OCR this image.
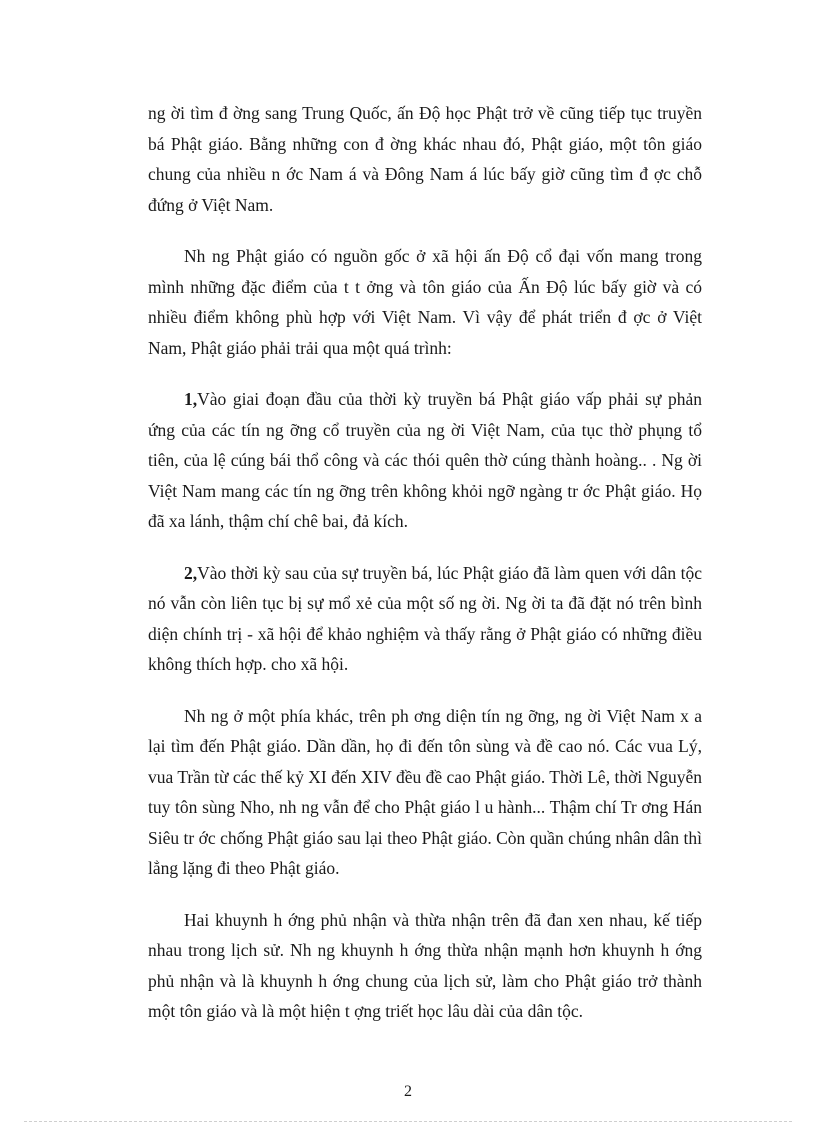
ng ời tìm đ ờng sang Trung Quốc, ấn Độ học Phật trở về cũng tiếp tục truyền bá Phật giáo. Bằng những con đ ờng khác nhau đó, Phật giáo, một tôn giáo chung của nhiều n ớc Nam á và Đông Nam á lúc bấy giờ cũng tìm đ ợc chỗ đứng ở Việt Nam.

Nh ng Phật giáo có nguồn gốc ở xã hội ấn Độ cổ đại vốn mang trong mình những đặc điểm của t t ởng và tôn giáo của Ấn Độ lúc bấy giờ và có nhiều điểm không phù hợp với Việt Nam. Vì vậy để phát triển đ ợc ở Việt Nam, Phật giáo phải trải qua một quá trình:

1,Vào giai đoạn đầu của thời kỳ truyền bá Phật giáo vấp phải sự phản ứng của các tín ng ỡng cổ truyền của ng ời Việt Nam, của tục thờ phụng tổ tiên, của lệ cúng bái thổ công và các thói quên thờ cúng thành hoàng.. . Ng ời Việt Nam mang các tín ng ỡng trên không khỏi ngỡ ngàng tr ớc Phật giáo. Họ đã xa lánh, thậm chí chê bai, đả kích.

2,Vào thời kỳ sau của sự truyền bá, lúc Phật giáo đã làm quen với dân tộc nó vẫn còn liên tục bị sự mổ xẻ của một số ng ời. Ng ời ta đã đặt nó trên bình diện chính trị - xã hội để khảo nghiệm và thấy rằng ở Phật giáo có những điều không thích hợp. cho xã hội.

Nh ng ở một phía khác, trên ph ơng diện tín ng ỡng, ng ời Việt Nam x a lại tìm đến Phật giáo. Dần dần, họ đi đến tôn sùng và đề cao nó. Các vua Lý, vua Trần từ các thế kỷ XI đến XIV đều đề cao Phật giáo. Thời Lê, thời Nguyễn tuy tôn sùng Nho, nh ng vẫn để cho Phật giáo l u hành... Thậm chí Tr ơng Hán Siêu tr ớc chống Phật giáo sau lại theo Phật giáo. Còn quần chúng nhân dân thì lẳng lặng đi theo Phật giáo.

Hai khuynh h ớng phủ nhận và thừa nhận trên đã đan xen nhau, kế tiếp nhau trong lịch sử. Nh ng khuynh h ớng thừa nhận mạnh hơn khuynh h ớng phủ nhận và là khuynh h ớng chung của lịch sử, làm cho Phật giáo trở thành một tôn giáo và là một hiện t ợng triết học lâu dài của dân tộc.

2
